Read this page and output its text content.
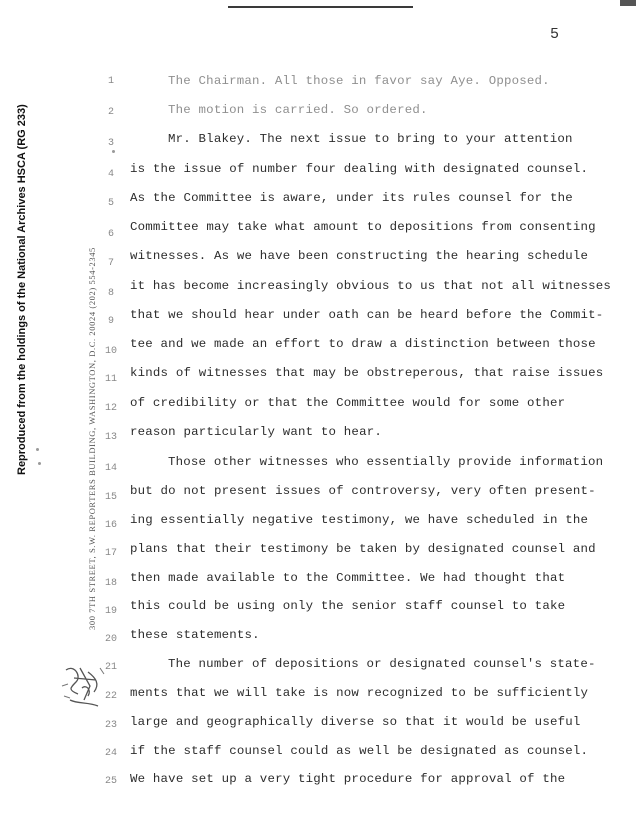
5
Reproduced from the holdings of the National Archives HSCA (RG 233)	300 7TH STREET, S.W. REPORTERS BUILDING, WASHINGTON, D.C. 20024 (202) 554-2345
1
2
3
4
5
6
7
8
9
10
11
12
13
14
15
16
17
18
19
20
21
22
23
24
25
The Chairman. All those in favor say Aye. Opposed.
The motion is carried. So ordered.
Mr. Blakey. The next issue to bring to your attention
is the issue of number four dealing with designated counsel.
As the Committee is aware, under its rules counsel for the
Committee may take what amount to depositions from consenting
witnesses. As we have been constructing the hearing schedule
it has become increasingly obvious to us that not all witnesses
that we should hear under oath can be heard before the Commit-
tee and we made an effort to draw a distinction between those
kinds of witnesses that may be obstreperous, that raise issues
of credibility or that the Committee would for some other
reason particularly want to hear.
Those other witnesses who essentially provide information
but do not present issues of controversy, very often present-
ing essentially negative testimony, we have scheduled in the
plans that their testimony be taken by designated counsel and
then made available to the Committee. We had thought that
this could be using only the senior staff counsel to take
these statements.
The number of depositions or designated counsel's state-
ments that we will take is now recognized to be sufficiently
large and geographically diverse so that it would be useful
if the staff counsel could as well be designated as counsel.
We have set up a very tight procedure for approval of the
